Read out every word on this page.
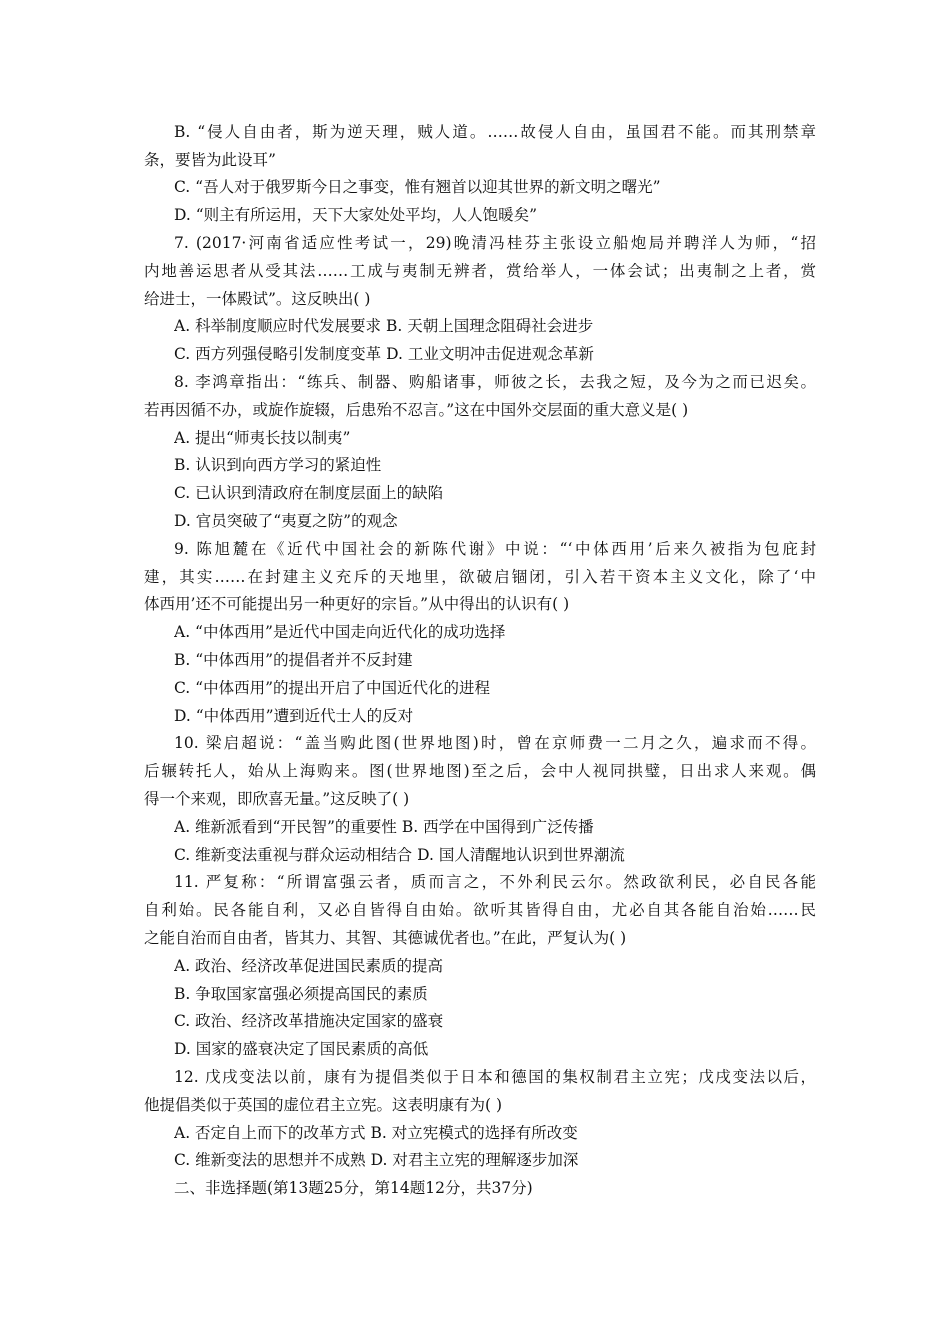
B. “侵人自由者，斯为逆天理，贼人道。……故侵人自由，虽国君不能。而其刑禁章
条，要皆为此设耳”
C. “吾人对于俄罗斯今日之事变，惟有翘首以迎其世界的新文明之曙光”
D. “则主有所运用，天下大家处处平均，人人饱暖矣”
7. (2017·河南省适应性考试一，29)晚清冯桂芬主张设立船炮局并聘洋人为师，“招
内地善运思者从受其法……工成与夷制无辨者，赏给举人，一体会试；出夷制之上者，赏
给进士，一体殿试”。这反映出( )
A. 科举制度顺应时代发展要求 B. 天朝上国理念阻碍社会进步
C. 西方列强侵略引发制度变革 D. 工业文明冲击促进观念革新
8. 李鸿章指出：“练兵、制器、购船诸事，师彼之长，去我之短，及今为之而已迟矣。
若再因循不办，或旋作旋辍，后患殆不忍言。”这在中国外交层面的重大意义是( )
A. 提出“师夷长技以制夷”
B. 认识到向西方学习的紧迫性
C. 已认识到清政府在制度层面上的缺陷
D. 官员突破了“夷夏之防”的观念
9. 陈旭麓在《近代中国社会的新陈代谢》中说：“‘中体西用’后来久被指为包庇封
建，其实……在封建主义充斥的天地里，欲破启锢闭，引入若干资本主义文化，除了‘中
体西用’还不可能提出另一种更好的宗旨。”从中得出的认识有( )
A. “中体西用”是近代中国走向近代化的成功选择
B. “中体西用”的提倡者并不反封建
C. “中体西用”的提出开启了中国近代化的进程
D. “中体西用”遭到近代士人的反对
10. 梁启超说：“盖当购此图(世界地图)时，曾在京师费一二月之久，遍求而不得。
后辗转托人，始从上海购来。图(世界地图)至之后，会中人视同拱璧，日出求人来观。偶
得一个来观，即欣喜无量。”这反映了( )
A. 维新派看到“开民智”的重要性 B. 西学在中国得到广泛传播
C. 维新变法重视与群众运动相结合 D. 国人清醒地认识到世界潮流
11. 严复称：“所谓富强云者，质而言之，不外利民云尔。然政欲利民，必自民各能
自利始。民各能自利，又必自皆得自由始。欲听其皆得自由，尤必自其各能自治始……民
之能自治而自由者，皆其力、其智、其德诚优者也。”在此，严复认为( )
A. 政治、经济改革促进国民素质的提高
B. 争取国家富强必须提高国民的素质
C. 政治、经济改革措施决定国家的盛衰
D. 国家的盛衰决定了国民素质的高低
12. 戊戌变法以前，康有为提倡类似于日本和德国的集权制君主立宪；戊戌变法以后，
他提倡类似于英国的虚位君主立宪。这表明康有为( )
A. 否定自上而下的改革方式 B. 对立宪模式的选择有所改变
C. 维新变法的思想并不成熟 D. 对君主立宪的理解逐步加深
二、非选择题(第13题25分，第14题12分，共37分)
